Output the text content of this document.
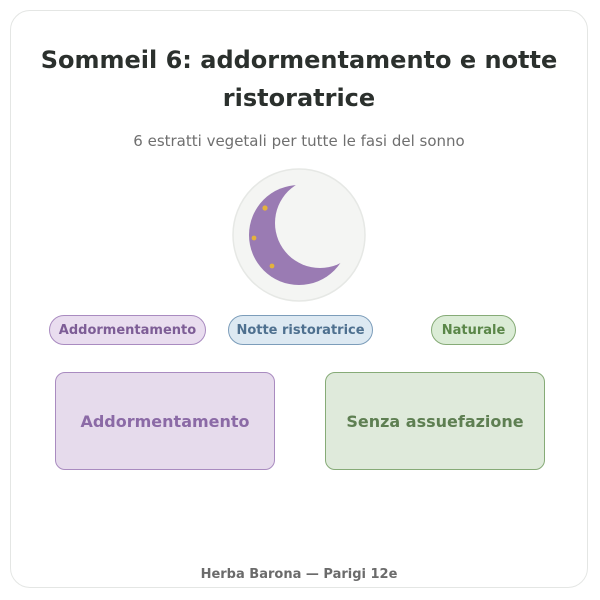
Sommeil 6: addormentamento e notte ristoratrice
6 estratti vegetali per tutte le fasi del sonno
Addormentamento	Notte ristoratrice	Naturale
Addormentamento	Senza assuefazione
Herba Barona — Parigi 12e
